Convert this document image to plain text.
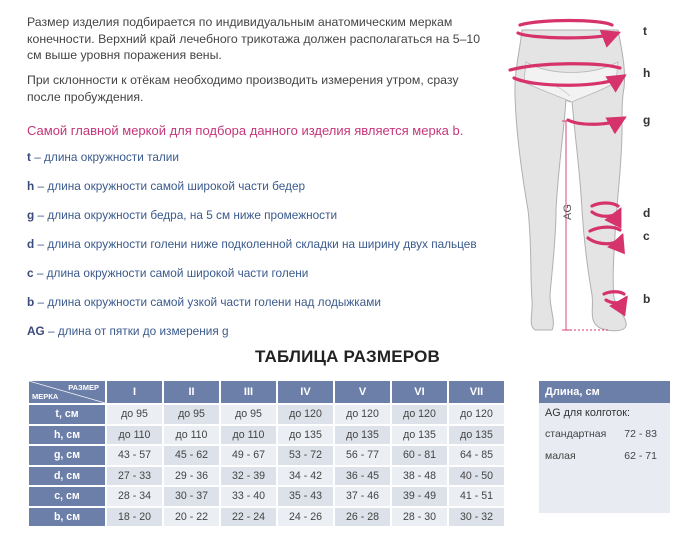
Размер изделия подбирается по индивидуальным анатомическим меркам конечности. Верхний край лечебного трикотажа должен располагаться на 5–10 см выше уровня поражения вены.

При склонности к отёкам необходимо производить измерения утром, сразу после пробуждения.

Самой главной меркой для подбора данного изделия является мерка b.

t – длина окружности талии
h – длина окружности самой широкой части бедер
g – длина окружности бедра, на 5 см ниже промежности
d – длина окружности голени ниже подколенной складки на ширину двух пальцев
c – длина окружности самой широкой части голени
b – длина окружности самой узкой части голени над лодыжками
AG – длина от пятки до измерения g
AG
t
h
g
d
c
b
ТАБЛИЦА РАЗМЕРОВ
РАЗМЕР
МЕРКА	I	II	III	IV	V	VI	VII
t, см	до 95	до 95	до 95	до 120	до 120	до 120	до 120
h, см	до 110	до 110	до 110	до 135	до 135	до 135	до 135
g, см	43 - 57	45 - 62	49 - 67	53 - 72	56 - 77	60 - 81	64 - 85
d, см	27 - 33	29 - 36	32 - 39	34 - 42	36 - 45	38 - 48	40 - 50
c, см	28 - 34	30 - 37	33 - 40	35 - 43	37 - 46	39 - 49	41 - 51
b, см	18 - 20	20 - 22	22 - 24	24 - 26	26 - 28	28 - 30	30 - 32
Длина, см
AG для колготок:
стандартная 72 - 83
малая	62 - 71
